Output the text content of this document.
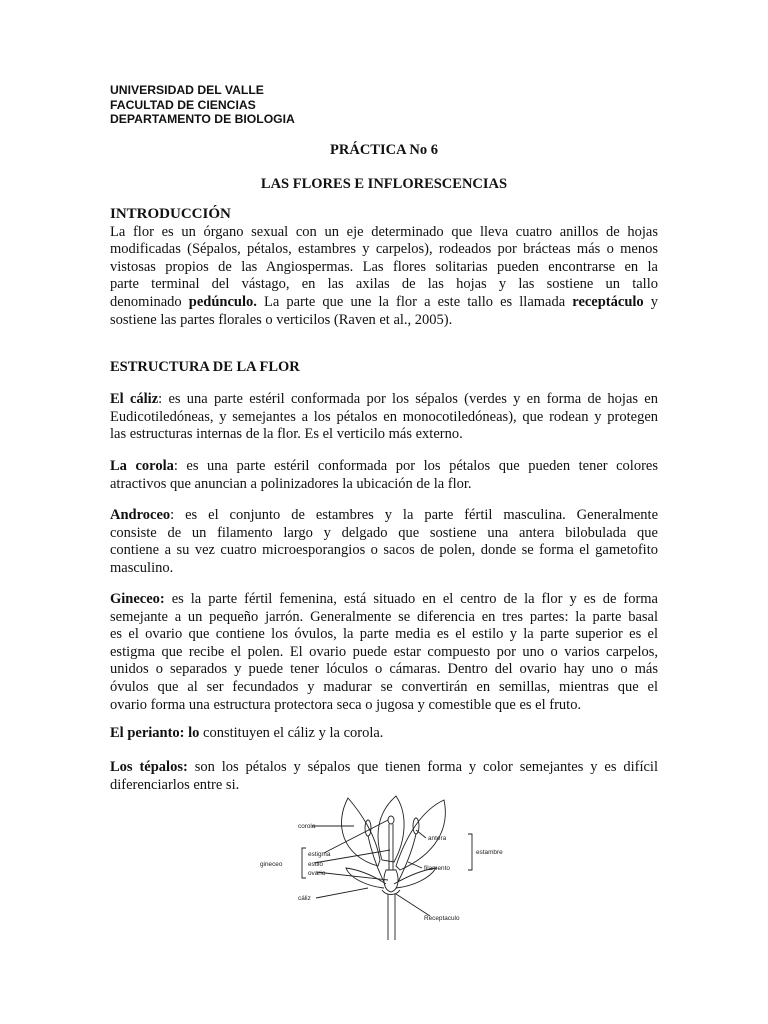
UNIVERSIDAD DEL VALLE
FACULTAD DE CIENCIAS
DEPARTAMENTO DE BIOLOGIA
PRÁCTICA No 6
LAS FLORES E INFLORESCENCIAS
INTRODUCCIÓN
La flor es un órgano sexual con un eje determinado que lleva cuatro anillos de hojas
modificadas (Sépalos, pétalos, estambres y carpelos), rodeados por brácteas más o menos
vistosas propios de las Angiospermas. Las flores solitarias pueden encontrarse en la
parte terminal del vástago, en las axilas de las hojas y las sostiene un tallo
denominado pedúnculo. La parte que une la flor a este tallo es llamada receptáculo y
sostiene las partes florales o verticilos (Raven et al., 2005).
ESTRUCTURA DE LA FLOR
El cáliz: es una parte estéril conformada por los sépalos (verdes y en forma de hojas en
Eudicotiledóneas, y semejantes a los pétalos en monocotiledóneas), que rodean y protegen
las estructuras internas de la flor. Es el verticilo más externo.
La corola: es una parte estéril conformada por los pétalos que pueden tener colores
atractivos que anuncian a polinizadores la ubicación de la flor.
Androceo: es el conjunto de estambres y la parte fértil masculina. Generalmente
consiste de un filamento largo y delgado que sostiene una antera bilobulada que
contiene a su vez cuatro microesporangios o sacos de polen, donde se forma el gametofito
masculino.
Gineceo: es la parte fértil femenina, está situado en el centro de la flor y es de forma
semejante a un pequeño jarrón. Generalmente se diferencia en tres partes: la parte basal
es el ovario que contiene los óvulos, la parte media es el estilo y la parte superior es el
estigma que recibe el polen. El ovario puede estar compuesto por uno o varios carpelos,
unidos o separados y puede tener lóculos o cámaras. Dentro del ovario hay uno o más
óvulos que al ser fecundados y madurar se convertirán en semillas, mientras que el
ovario forma una estructura protectora seca o jugosa y comestible que es el fruto.
El perianto: lo constituyen el cáliz y la corola.
Los tépalos: son los pétalos y sépalos que tienen forma y color semejantes y es difícil
diferenciarlos entre si.
corola
antera
estambre
estigma
gineceo	estilo
ovario
filamento
cáliz
Receptaculo
